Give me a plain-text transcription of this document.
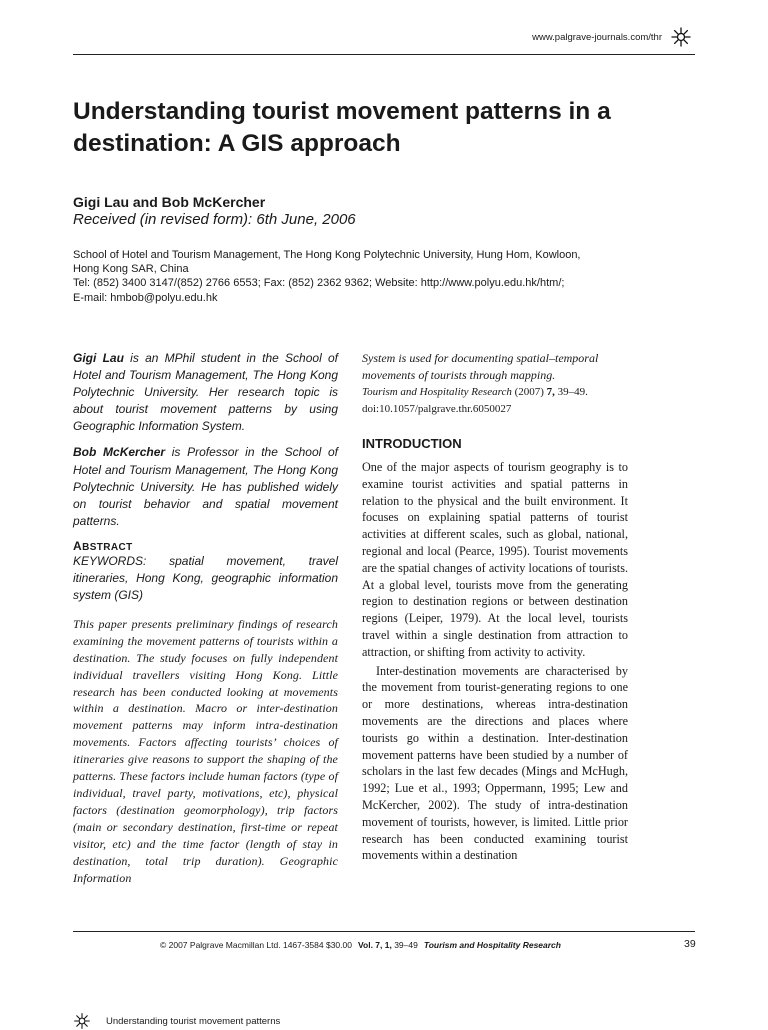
www.palgrave-journals.com/thr
Understanding tourist movement patterns in a destination: A GIS approach
Gigi Lau and Bob McKercher
Received (in revised form): 6th June, 2006
School of Hotel and Tourism Management, The Hong Kong Polytechnic University, Hung Hom, Kowloon,
Hong Kong SAR, China
Tel: (852) 3400 3147/(852) 2766 6553; Fax: (852) 2362 9362; Website: http://www.polyu.edu.hk/htm/;
E-mail: hmbob@polyu.edu.hk

Gigi Lau is an MPhil student in the School of Hotel and Tourism Management, The Hong Kong Polytechnic University. Her research topic is about tourist movement patterns by using Geographic Information System.

Bob McKercher is Professor in the School of Hotel and Tourism Management, The Hong Kong Polytechnic University. He has published widely on tourist behavior and spatial movement patterns.

ABSTRACT

KEYWORDS: spatial movement, travel itineraries, Hong Kong, geographic information system (GIS)

This paper presents preliminary findings of research examining the movement patterns of tourists within a destination. The study focuses on fully independent individual travellers visiting Hong Kong. Little research has been conducted looking at movements within a destination. Macro or inter-destination movement patterns may inform intra-destination movements. Factors affecting tourists’ choices of itineraries give reasons to support the shaping of the patterns. These factors include human factors (type of individual, travel party, motivations, etc), physical factors (destination geomorphology), trip factors (main or secondary destination, first-time or repeat visitor, etc) and the time factor (length of stay in destination, total trip duration). Geographic Information

System is used for documenting spatial–temporal movements of tourists through mapping.

Tourism and Hospitality Research (2007) 7, 39–49.

doi:10.1057/palgrave.thr.6050027

INTRODUCTION

One of the major aspects of tourism geography is to examine tourist activities and spatial patterns in relation to the physical and the built environment. It focuses on explaining spatial patterns of tourist activities at different scales, such as global, national, regional and local (Pearce, 1995). Tourist movements are the spatial changes of activity locations of tourists. At a global level, tourists move from the generating region to destination regions or between destination regions (Leiper, 1979). At the local level, tourists travel within a single destination from attraction to attraction, or shifting from activity to activity.

Inter-destination movements are characterised by the movement from tourist-generating regions to one or more destinations, whereas intra-destination movements are the directions and places where tourists go within a destination. Inter-destination movement patterns have been studied by a number of scholars in the last few decades (Mings and McHugh, 1992; Lue et al., 1993; Oppermann, 1995; Lew and McKercher, 2002). The study of intra-destination movement of tourists, however, is limited. Little prior research has been conducted examining tourist movements within a destination

© 2007 Palgrave Macmillan Ltd. 1467-3584 $30.00 Vol. 7, 1, 39–49 Tourism and Hospitality Research	39
Understanding tourist movement patterns
